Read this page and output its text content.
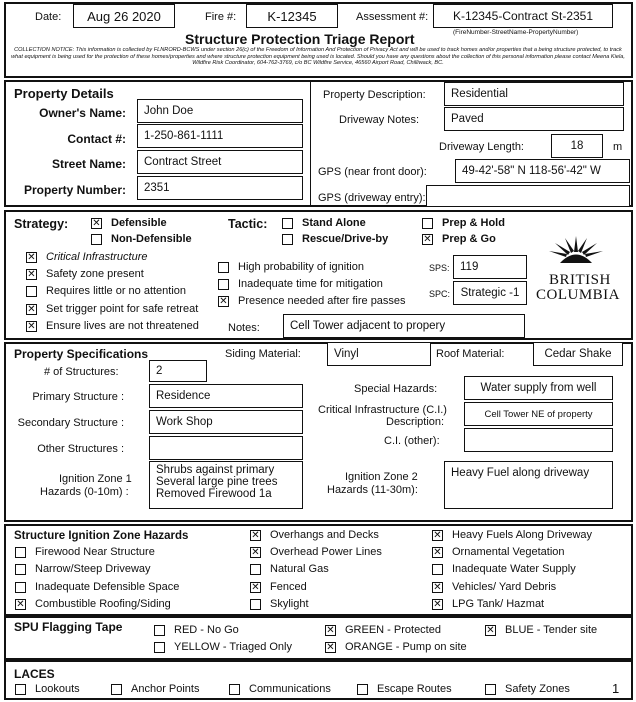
Date:	Aug 26 2020	Fire #:	K-12345	Assessment #:	K-12345-Contract St-2351
(FireNumber-StreetName-PropertyNumber)
Structure Protection Triage Report
COLLECTION NOTICE: This information is collected by FLNRORD-BCWS under section 26(c) of the Freedom of Information And Protection of Privacy Act and will be used to track homes and/or properties that a being structure protected, to track what equipment is being used for the protection of these homes/properties and where structure protection equipment being used is located. Should you have any questions about the collection of this personal information please contact Meena Kiela, Wildfire Risk Coordinator, 604-762-3769, c/o BC Wildfire Service, 46560 Airport Road, Chilliwack, BC.
Property Details
Owner's Name:	John Doe
Contact #:	1-250-861-1111
Street Name:	Contract Street
Property Number:	2351
Property Description:	Residential
Driveway Notes:	Paved
Driveway Length:	18	m
GPS (near front door):	49-42'-58" N 118-56'-42" W
GPS (driveway entry):
Strategy: ✕ Defensible
Non-Defensible
Tactic:	Stand Alone
Rescue/Drive-by
Prep & Hold
✕ Prep & Go
✕ Critical Infrastructure
✕ Safety zone present
Requires little or no attention
✕ Set trigger point for safe retreat
✕ Ensure lives are not threatened
High probability of ignition
Inadequate time for mitigation
✕ Presence needed after fire passes
SPS: 119
SPC: Strategic -1
Notes:	Cell Tower adjacent to propery
BRITISH
COLUMBIA
Property Specifications	Siding Material:	Vinyl	Roof Material:	Cedar Shake
# of Structures:	2
Primary Structure :	Residence
Secondary Structure :	Work Shop
Other Structures :
Ignition Zone 1
Hazards (0-10m) :
Shrubs against primary Several large pine trees Removed Firewood 1a
Special Hazards:	Water supply from well
Critical Infrastructure (C.I.)
Description:
Cell Tower NE of property
C.I. (other):
Ignition Zone 2
Hazards (11-30m):
Heavy Fuel along driveway
Structure Ignition Zone Hazards
Firewood Near Structure
Narrow/Steep Driveway
Inadequate Defensible Space
✕ Combustible Roofing/Siding
✕ Overhangs and Decks
✕ Overhead Power Lines
Natural Gas
✕ Fenced
Skylight
✕ Heavy Fuels Along Driveway
✕ Ornamental Vegetation
Inadequate Water Supply
✕ Vehicles/ Yard Debris
✕ LPG Tank/ Hazmat
SPU Flagging Tape	RED - No Go
YELLOW - Triaged Only
✕ GREEN - Protected
✕ ORANGE - Pump on site
✕ BLUE - Tender site
LACES
Lookouts	Anchor Points	Communications	Escape Routes	Safety Zones	1
